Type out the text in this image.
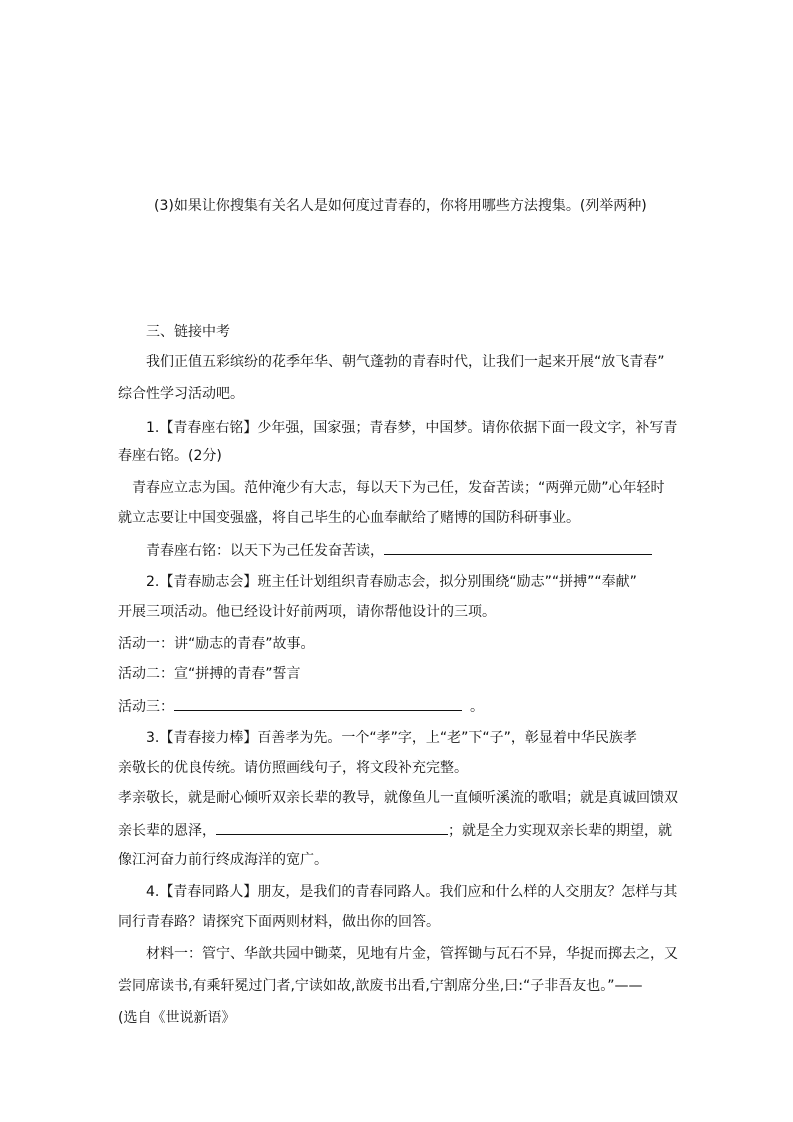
(3)如果让你搜集有关名人是如何度过青春的，你将用哪些方法搜集。(列举两种)
三、链接中考
我们正值五彩缤纷的花季年华、朝气蓬勃的青春时代，让我们一起来开展“放飞青春”
综合性学习活动吧。
1.【青春座右铭】少年强，国家强；青春梦，中国梦。请你依据下面一段文字，补写青
春座右铭。(2分)
青春应立志为国。范仲淹少有大志，每以天下为己任，发奋苦读；“两弹元勋”心年轻时
就立志要让中国变强盛，将自己毕生的心血奉献给了赌博的国防科研事业。
青春座右铭：以天下为己任发奋苦读，
2.【青春励志会】班主任计划组织青春励志会，拟分别围绕“励志”“拼搏”“奉献”
开展三项活动。他已经设计好前两项，请你帮他设计的三项。
活动一：讲“励志的青春”故事。
活动二：宣“拼搏的青春”誓言
活动三：	。
3.【青春接力棒】百善孝为先。一个“孝”字，上“老”下“子”，彰显着中华民族孝
亲敬长的优良传统。请仿照画线句子，将文段补充完整。
孝亲敬长，就是耐心倾听双亲长辈的教导，就像鱼儿一直倾听溪流的歌唱；就是真诚回馈双
亲长辈的恩泽，	；就是全力实现双亲长辈的期望，就
像江河奋力前行终成海洋的宽广。
4.【青春同路人】朋友，是我们的青春同路人。我们应和什么样的人交朋友？怎样与其
同行青春路？请探究下面两则材料，做出你的回答。
材料一：管宁、华歆共园中锄菜，见地有片金，管挥锄与瓦石不异，华捉而掷去之，又
尝同席读书,有乘轩冕过门者,宁读如故,歆废书出看,宁割席分坐,曰:“子非吾友也。”——
(选自《世说新语》
